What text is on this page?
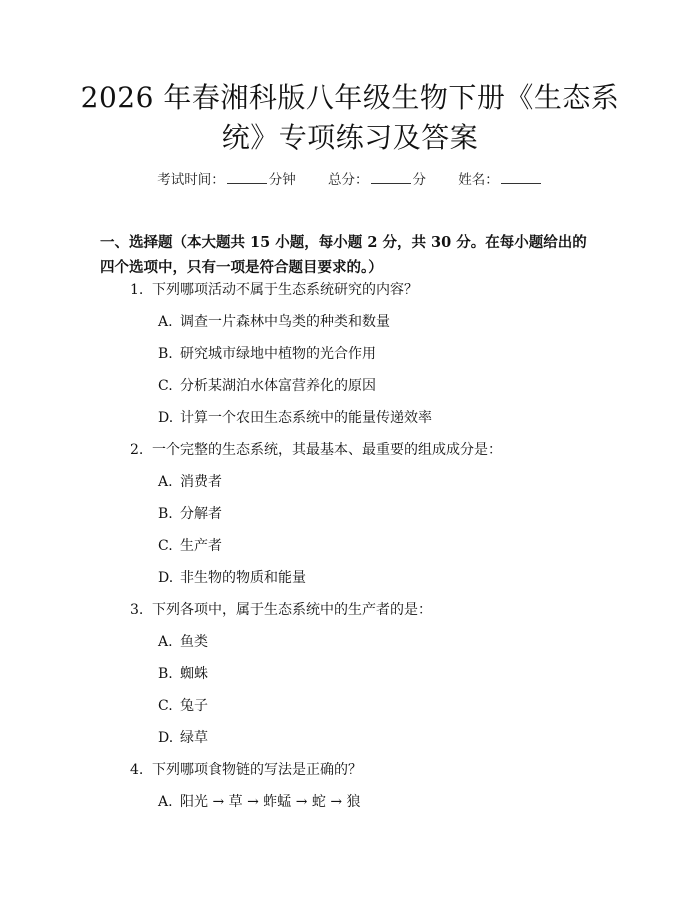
2026 年春湘科版八年级生物下册《生态系
统》专项练习及答案
考试时间：	分钟 总分：	分 姓名：
一、选择题（本大题共 15 小题，每小题 2 分，共 30 分。在每小题给出的四个选项中，只有一项是符合题目要求的。）
1. 下列哪项活动不属于生态系统研究的内容？
A. 调查一片森林中鸟类的种类和数量
B. 研究城市绿地中植物的光合作用
C. 分析某湖泊水体富营养化的原因
D. 计算一个农田生态系统中的能量传递效率
2. 一个完整的生态系统，其最基本、最重要的组成成分是：
A. 消费者
B. 分解者
C. 生产者
D. 非生物的物质和能量
3. 下列各项中，属于生态系统中的生产者的是：
A. 鱼类
B. 蜘蛛
C. 兔子
D. 绿草
4. 下列哪项食物链的写法是正确的？
A. 阳光 → 草 → 蚱蜢 → 蛇 → 狼
